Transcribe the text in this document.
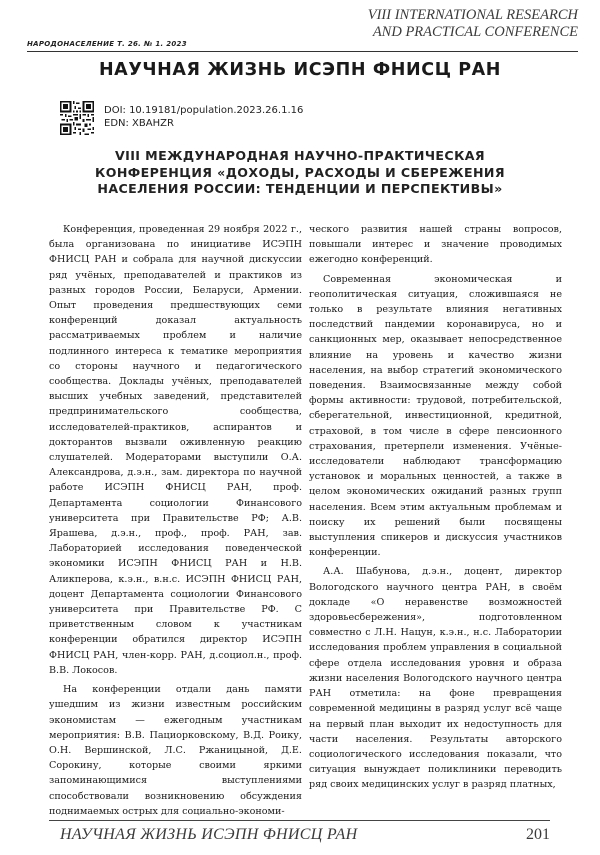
VIII INTERNATIONAL RESEARCH
AND PRACTICAL CONFERENCE
НАРОДОНАСЕЛЕНИЕ Т. 26. № 1. 2023
НАУЧНАЯ ЖИЗНЬ ИСЭПН ФНИСЦ РАН
DOI: 10.19181/population.2023.26.1.16
EDN: XBAHZR
VIII МЕЖДУНАРОДНАЯ НАУЧНО-ПРАКТИЧЕСКАЯ
КОНФЕРЕНЦИЯ «ДОХОДЫ, РАСХОДЫ И СБЕРЕЖЕНИЯ
НАСЕЛЕНИЯ РОССИИ: ТЕНДЕНЦИИ И ПЕРСПЕКТИВЫ»

Конференция, проведенная 29 ноября 2022 г., была организована по инициативе ИСЭПН ФНИСЦ РАН и собрала для научной дискуссии ряд учёных, преподавателей и практиков из разных городов России, Беларуси, Армении. Опыт проведения предшествующих семи конференций доказал актуальность рассматриваемых проблем и наличие подлинного интереса к тематике мероприятия со стороны научного и педагогического сообщества. Доклады учёных, преподавателей высших учебных заведений, представителей предпринимательского сообщества, исследователей-практиков, аспирантов и докторантов вызвали оживленную реакцию слушателей. Модераторами выступили О.А. Александрова, д.э.н., зам. директора по научной работе ИСЭПН ФНИСЦ РАН, проф. Департамента социологии Финансового университета при Правительстве РФ; А.В. Ярашева, д.э.н., проф., проф. РАН, зав. Лабораторией исследования поведенческой экономики ИСЭПН ФНИСЦ РАН и Н.В. Аликперова, к.э.н., в.н.с. ИСЭПН ФНИСЦ РАН, доцент Департамента социологии Финансового университета при Правительстве РФ. С приветственным словом к участникам конференции обратился директор ИСЭПН ФНИСЦ РАН, член-корр. РАН, д.социол.н., проф. В.В. Локосов.

На конференции отдали дань памяти ушедшим из жизни известным российским экономистам — ежегодным участникам мероприятия: В.В. Пациорковскому, В.Д. Роику, О.Н. Вершинской, Л.С. Ржаницыной, Д.Е. Сорокину, которые своими яркими запоминающимися выступлениями способствовали возникновению обсуждения поднимаемых острых для социально-экономи-

ческого развития нашей страны вопросов, повышали интерес и значение проводимых ежегодно конференций.

Современная экономическая и геополитическая ситуация, сложившаяся не только в результате влияния негативных последствий пандемии коронавируса, но и санкционных мер, оказывает непосредственное влияние на уровень и качество жизни населения, на выбор стратегий экономического поведения. Взаимосвязанные между собой формы активности: трудовой, потребительской, сберегательной, инвестиционной, кредитной, страховой, в том числе в сфере пенсионного страхования, претерпели изменения. Учёные-исследователи наблюдают трансформацию установок и моральных ценностей, а также в целом экономических ожиданий разных групп населения. Всем этим актуальным проблемам и поиску их решений были посвящены выступления спикеров и дискуссия участников конференции.

А.А. Шабунова, д.э.н., доцент, директор Вологодского научного центра РАН, в своём докладе «О неравенстве возможностей здоровьесбережения», подготовленном совместно с Л.Н. Нацун, к.э.н., н.с. Лаборатории исследования проблем управления в социальной сфере отдела исследования уровня и образа жизни населения Вологодского научного центра РАН отметила: на фоне превращения современной медицины в разряд услуг всё чаще на первый план выходит их недоступность для части населения. Результаты авторского социологического исследования показали, что ситуация вынуждает поликлиники переводить ряд своих медицинских услуг в разряд платных,

НАУЧНАЯ ЖИЗНЬ ИСЭПН ФНИСЦ РАН	201
